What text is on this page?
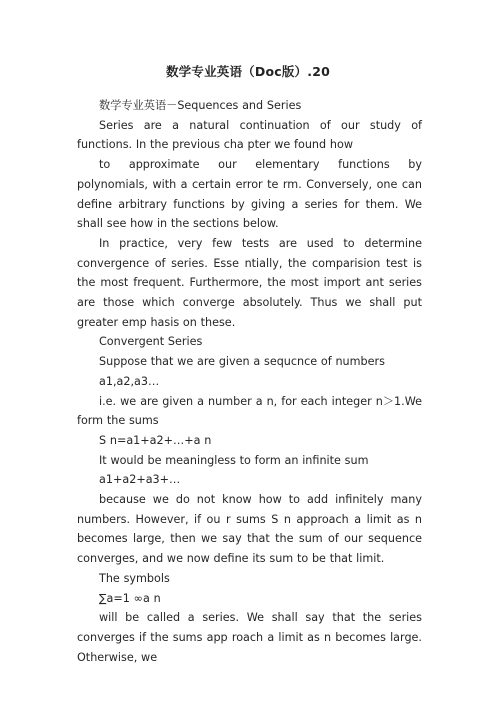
数学专业英语（Doc版）.20

数学专业英语－Sequences and Series

Series are a natural continuation of our study of functions. In the previous cha pter we found how

to approximate our elementary functions by polynomials, with a certain error te rm. Conversely, one can define arbitrary functions by giving a series for them. We shall see how in the sections below.

In practice, very few tests are used to determine convergence of series. Esse ntially, the comparision test is the most frequent. Furthermore, the most import ant series are those which converge absolutely. Thus we shall put greater emp hasis on these.

Convergent Series

Suppose that we are given a sequcnce of numbers

a1,a2,a3…

i.e. we are given a number a n, for each integer n＞1.We form the sums

S n=a1+a2+…+a n

It would be meaningless to form an infinite sum

a1+a2+a3+…

because we do not know how to add infinitely many numbers. However, if ou r sums S n approach a limit as n becomes large, then we say that the sum of our sequence converges, and we now define its sum to be that limit.

The symbols

∑a=1 ∞a n

will be called a series. We shall say that the series converges if the sums app roach a limit as n becomes large. Otherwise, we
